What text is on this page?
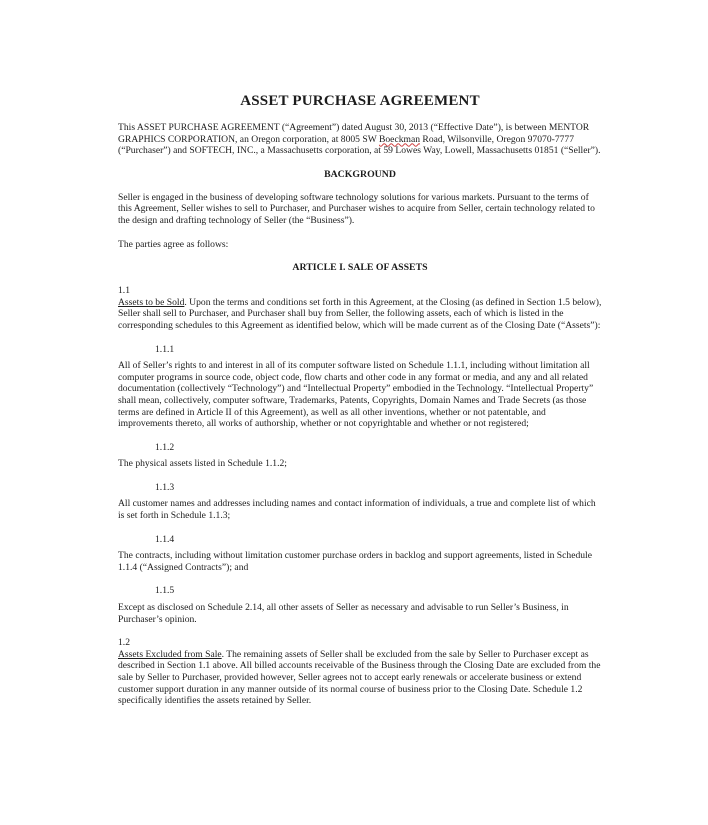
ASSET PURCHASE AGREEMENT

This ASSET PURCHASE AGREEMENT (“Agreement”) dated August 30, 2013 (“Effective Date”), is between MENTOR GRAPHICS CORPORATION, an Oregon corporation, at 8005 SW Boeckman Road, Wilsonville, Oregon 97070-7777 (“Purchaser”) and SOFTECH, INC., a Massachusetts corporation, at 59 Lowes Way, Lowell, Massachusetts 01851 (“Seller”).

BACKGROUND

Seller is engaged in the business of developing software technology solutions for various markets. Pursuant to the terms of this Agreement, Seller wishes to sell to Purchaser, and Purchaser wishes to acquire from Seller, certain technology related to the design and drafting technology of Seller (the “Business”).

The parties agree as follows:

ARTICLE I. SALE OF ASSETS
1.1

Assets to be Sold. Upon the terms and conditions set forth in this Agreement, at the Closing (as defined in Section 1.5 below), Seller shall sell to Purchaser, and Purchaser shall buy from Seller, the following assets, each of which is listed in the corresponding schedules to this Agreement as identified below, which will be made current as of the Closing Date (“Assets”):

1.1.1

All of Seller’s rights to and interest in all of its computer software listed on Schedule 1.1.1, including without limitation all computer programs in source code, object code, flow charts and other code in any format or media, and any and all related documentation (collectively “Technology”) and “Intellectual Property” embodied in the Technology. “Intellectual Property” shall mean, collectively, computer software, Trademarks, Patents, Copyrights, Domain Names and Trade Secrets (as those terms are defined in Article II of this Agreement), as well as all other inventions, whether or not patentable, and improvements thereto, all works of authorship, whether or not copyrightable and whether or not registered;

1.1.2

The physical assets listed in Schedule 1.1.2;

1.1.3

All customer names and addresses including names and contact information of individuals, a true and complete list of which is set forth in Schedule 1.1.3;

1.1.4

The contracts, including without limitation customer purchase orders in backlog and support agreements, listed in Schedule 1.1.4 (“Assigned Contracts”); and

1.1.5

Except as disclosed on Schedule 2.14, all other assets of Seller as necessary and advisable to run Seller’s Business, in Purchaser’s opinion.

1.2

Assets Excluded from Sale. The remaining assets of Seller shall be excluded from the sale by Seller to Purchaser except as described in Section 1.1 above. All billed accounts receivable of the Business through the Closing Date are excluded from the sale by Seller to Purchaser, provided however, Seller agrees not to accept early renewals or accelerate business or extend customer support duration in any manner outside of its normal course of business prior to the Closing Date. Schedule 1.2 specifically identifies the assets retained by Seller.
